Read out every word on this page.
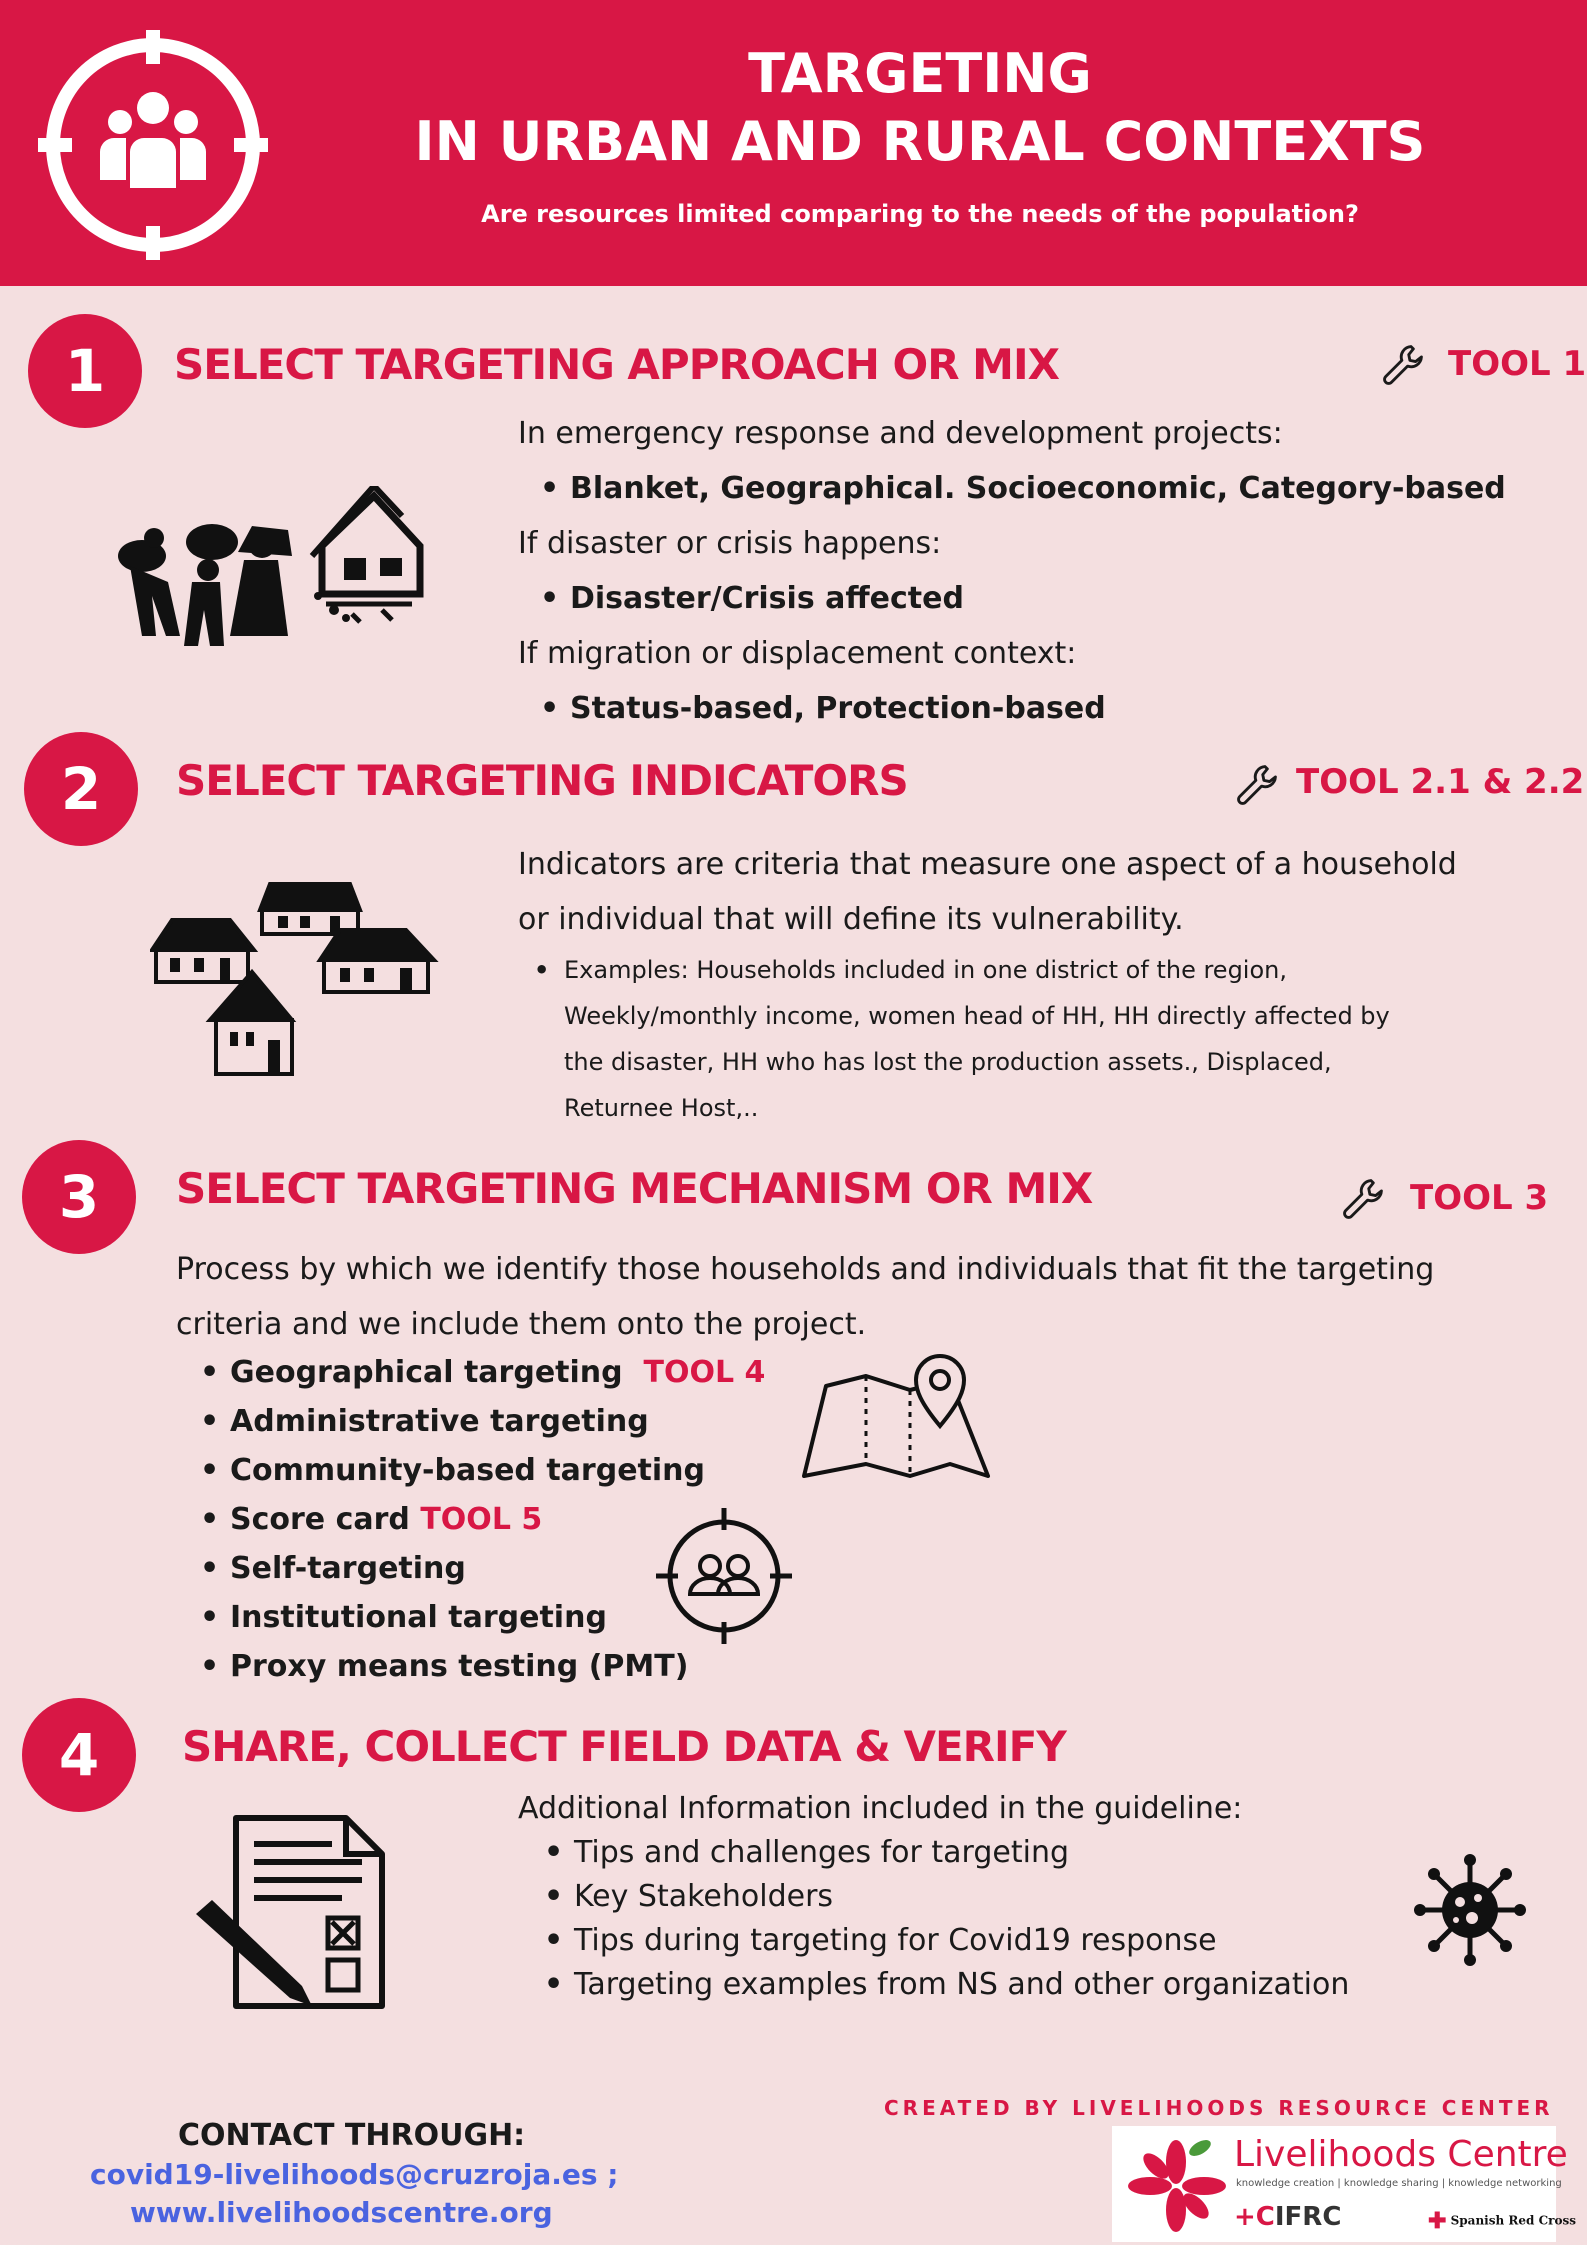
TARGETING
IN URBAN AND RURAL CONTEXTS
Are resources limited comparing to the needs of the population?
1	SELECT TARGETING APPROACH OR MIX	TOOL 1
In emergency response and development projects:
• Blanket, Geographical. Socioeconomic, Category-based
If disaster or crisis happens:
• Disaster/Crisis affected
If migration or displacement context:
• Status-based, Protection-based
2	SELECT TARGETING INDICATORS	TOOL 2.1 & 2.2
Indicators are criteria that measure one aspect of a household
or individual that will define its vulnerability.
• Examples: Households included in one district of the region,
Weekly/monthly income, women head of HH, HH directly affected by
the disaster, HH who has lost the production assets., Displaced,
Returnee Host,..
3	SELECT TARGETING MECHANISM OR MIX	TOOL 3
Process by which we identify those households and individuals that fit the targeting
criteria and we include them onto the project.
• Geographical targeting TOOL 4
• Administrative targeting
• Community-based targeting
• Score card TOOL 5
• Self-targeting
• Institutional targeting
• Proxy means testing (PMT)
4	SHARE, COLLECT FIELD DATA & VERIFY
Additional Information included in the guideline:
• Tips and challenges for targeting
• Key Stakeholders
• Tips during targeting for Covid19 response
• Targeting examples from NS and other organization
CONTACT THROUGH:
covid19-livelihoods@cruzroja.es ;
www.livelihoodscentre.org
CREATED BY LIVELIHOODS RESOURCE CENTER
Livelihoods Centre
knowledge creation | knowledge sharing | knowledge networking
+CIFRC	✚ Spanish Red Cross
